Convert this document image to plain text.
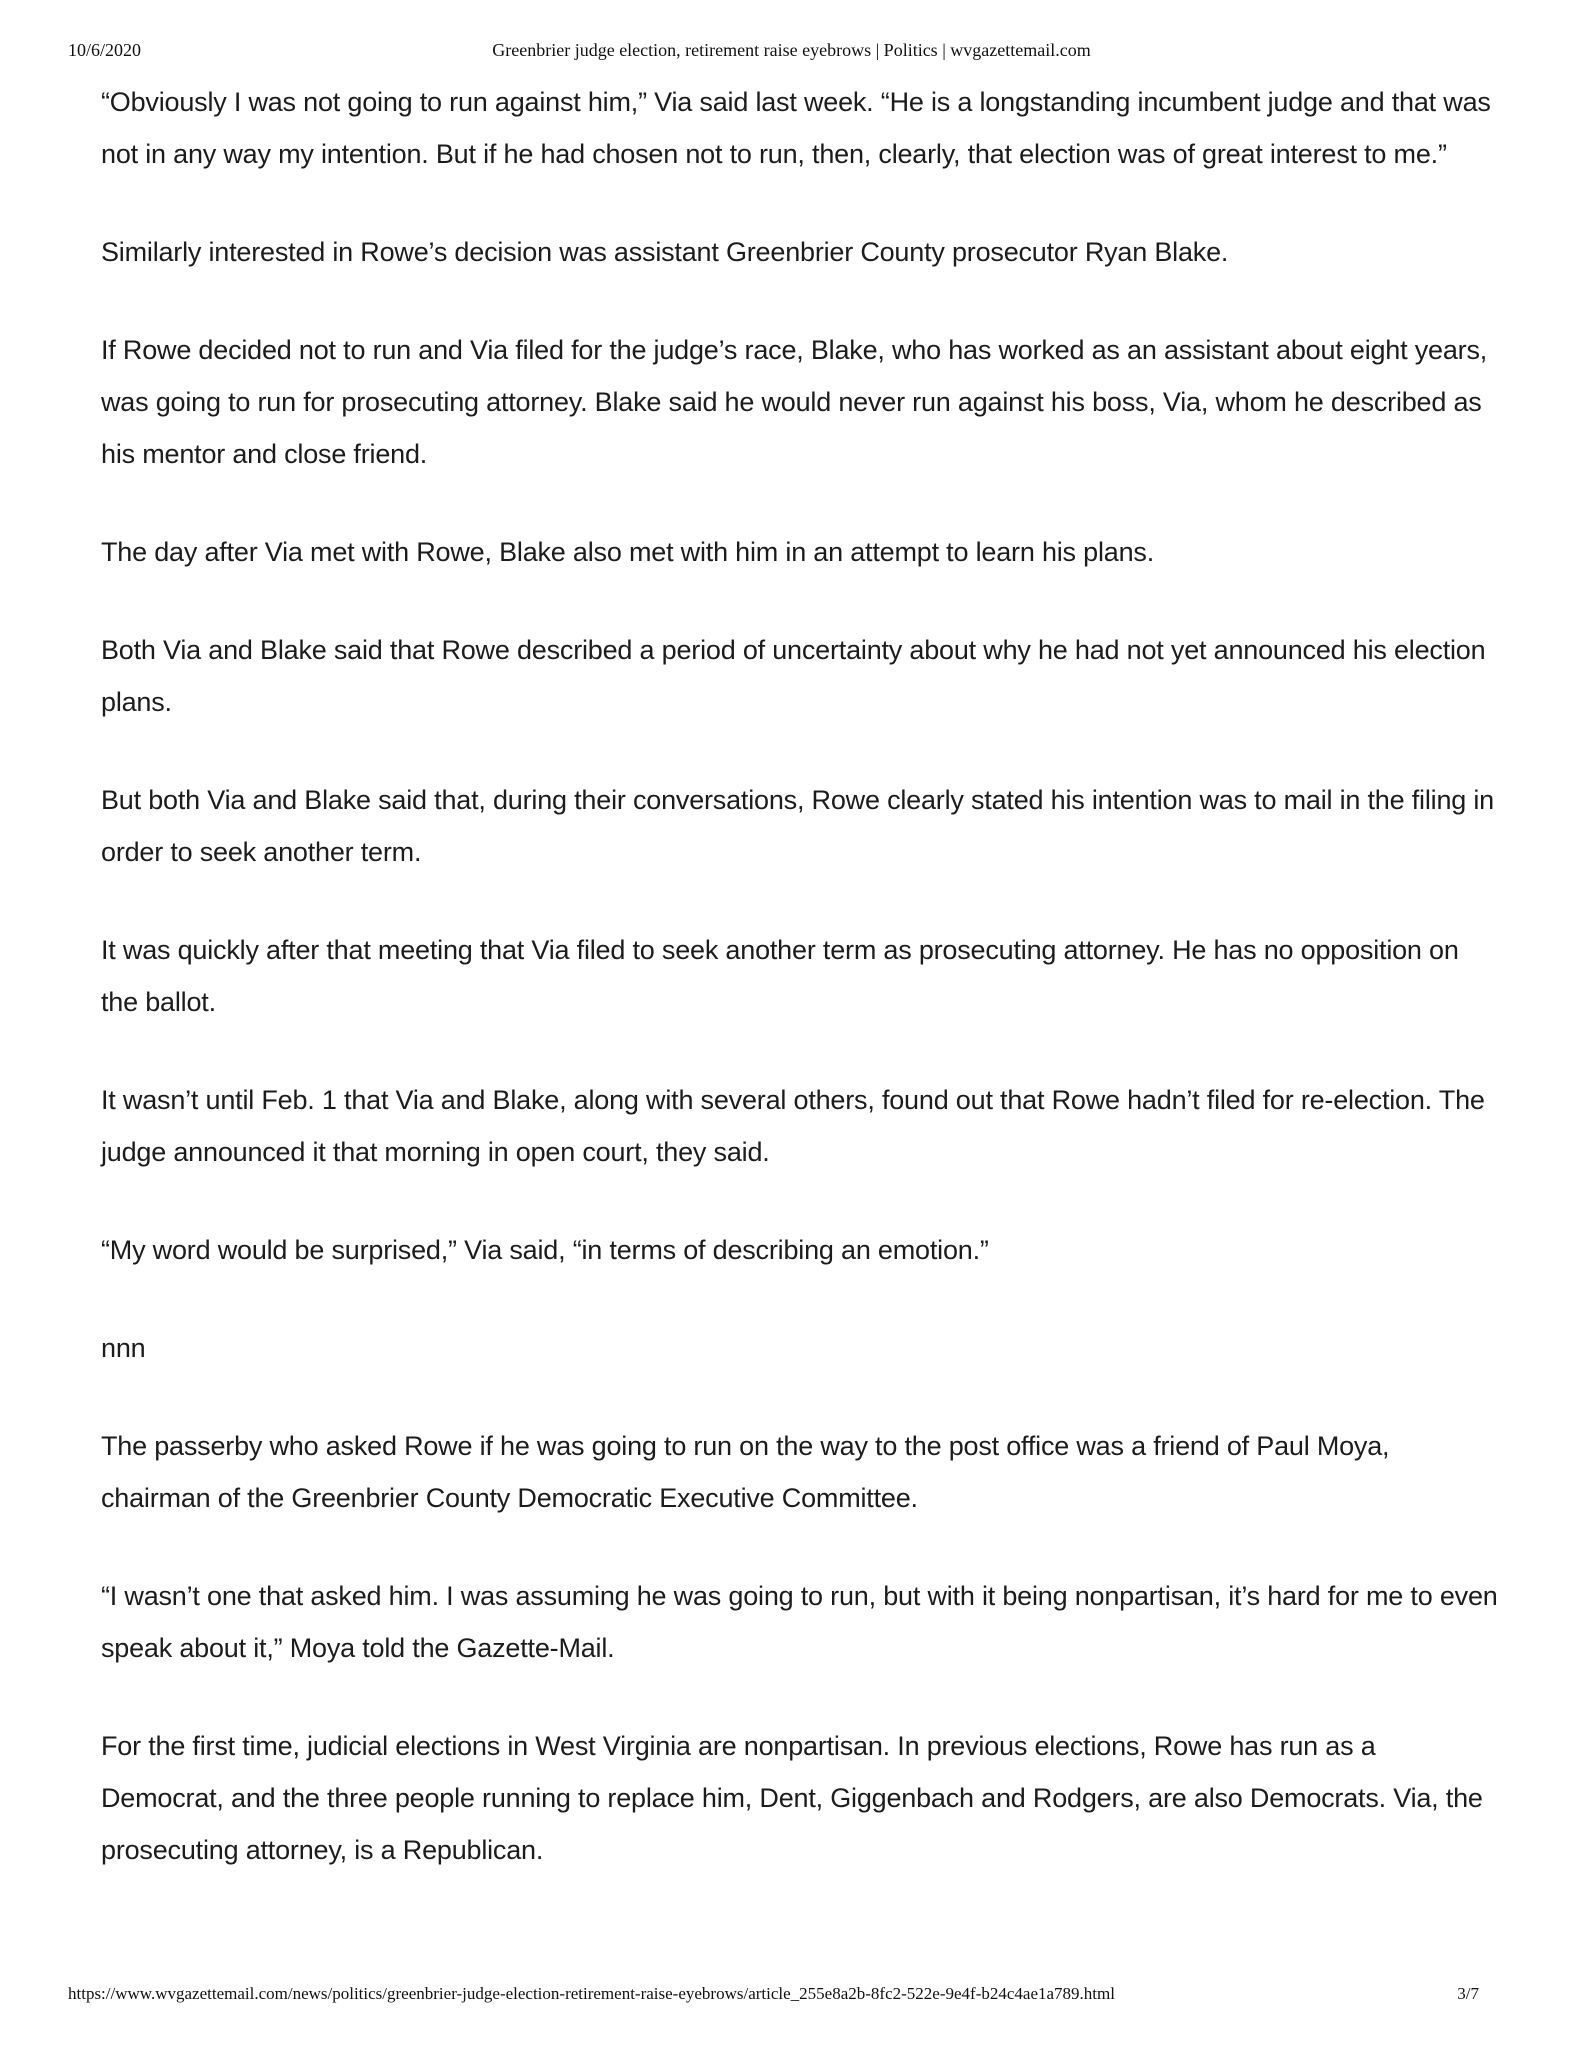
10/6/2020	Greenbrier judge election, retirement raise eyebrows | Politics | wvgazettemail.com

“Obviously I was not going to run against him,” Via said last week. “He is a longstanding incumbent judge and that was not in any way my intention. But if he had chosen not to run, then, clearly, that election was of great interest to me.”

Similarly interested in Rowe’s decision was assistant Greenbrier County prosecutor Ryan Blake.

If Rowe decided not to run and Via filed for the judge’s race, Blake, who has worked as an assistant about eight years, was going to run for prosecuting attorney. Blake said he would never run against his boss, Via, whom he described as his mentor and close friend.

The day after Via met with Rowe, Blake also met with him in an attempt to learn his plans.

Both Via and Blake said that Rowe described a period of uncertainty about why he had not yet announced his election plans.

But both Via and Blake said that, during their conversations, Rowe clearly stated his intention was to mail in the filing in order to seek another term.

It was quickly after that meeting that Via filed to seek another term as prosecuting attorney. He has no opposition on the ballot.

It wasn’t until Feb. 1 that Via and Blake, along with several others, found out that Rowe hadn’t filed for re-election. The judge announced it that morning in open court, they said.

“My word would be surprised,” Via said, “in terms of describing an emotion.”

nnn

The passerby who asked Rowe if he was going to run on the way to the post office was a friend of Paul Moya, chairman of the Greenbrier County Democratic Executive Committee.

“I wasn’t one that asked him. I was assuming he was going to run, but with it being nonpartisan, it’s hard for me to even speak about it,” Moya told the Gazette-Mail.

For the first time, judicial elections in West Virginia are nonpartisan. In previous elections, Rowe has run as a Democrat, and the three people running to replace him, Dent, Giggenbach and Rodgers, are also Democrats. Via, the prosecuting attorney, is a Republican.

https://www.wvgazettemail.com/news/politics/greenbrier-judge-election-retirement-raise-eyebrows/article_255e8a2b-8fc2-522e-9e4f-b24c4ae1a789.html	3/7
